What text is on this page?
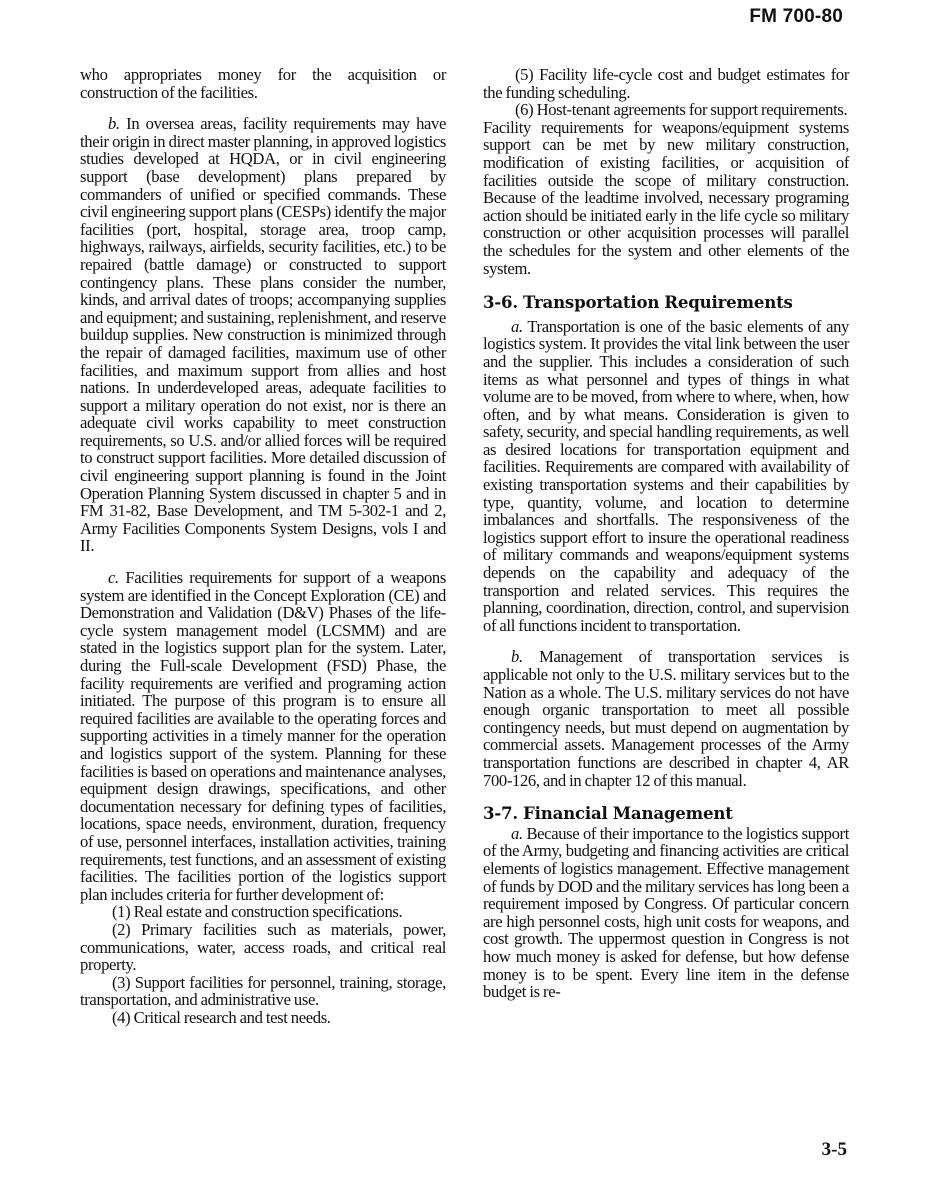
FM 700-80

who appropriates money for the acquisition or construction of the facilities.

b. In oversea areas, facility requirements may have their origin in direct master planning, in approved logistics studies developed at HQDA, or in civil engineering support (base development) plans prepared by commanders of unified or specified commands. These civil engineering support plans (CESPs) identify the major facilities (port, hospital, storage area, troop camp, highways, railways, airfields, security facilities, etc.) to be repaired (battle damage) or constructed to support contingency plans. These plans consider the number, kinds, and arrival dates of troops; accompanying supplies and equipment; and sustaining, replenishment, and reserve buildup supplies. New construction is minimized through the repair of damaged facilities, maximum use of other facilities, and maximum support from allies and host nations. In underdeveloped areas, adequate facilities to support a military operation do not exist, nor is there an adequate civil works capability to meet construction requirements, so U.S. and/or allied forces will be required to construct support facilities. More detailed discussion of civil engineering support planning is found in the Joint Operation Planning System discussed in chapter 5 and in FM 31-82, Base Development, and TM 5-302-1 and 2, Army Facilities Components System Designs, vols I and II.

c. Facilities requirements for support of a weapons system are identified in the Concept Exploration (CE) and Demonstration and Validation (D&V) Phases of the life-cycle system management model (LCSMM) and are stated in the logistics support plan for the system. Later, during the Full-scale Development (FSD) Phase, the facility requirements are verified and programing action initiated. The purpose of this program is to ensure all required facilities are available to the operating forces and supporting activities in a timely manner for the operation and logistics support of the system. Planning for these facilities is based on operations and maintenance analyses, equipment design drawings, specifications, and other documentation necessary for defining types of facilities, locations, space needs, environment, duration, frequency of use, personnel interfaces, installation activities, training requirements, test functions, and an assessment of existing facilities. The facilities portion of the logistics support plan includes criteria for further development of:

(1) Real estate and construction specifications.

(2) Primary facilities such as materials, power, communications, water, access roads, and critical real property.

(3) Support facilities for personnel, training, storage, transportation, and administrative use.

(4) Critical research and test needs.

(5) Facility life-cycle cost and budget estimates for the funding scheduling.

(6) Host-tenant agreements for support requirements.

Facility requirements for weapons/equipment systems support can be met by new military construction, modification of existing facilities, or acquisition of facilities outside the scope of military construction. Because of the leadtime involved, necessary programing action should be initiated early in the life cycle so military construction or other acquisition processes will parallel the schedules for the system and other elements of the system.

3-6. Transportation Requirements

a. Transportation is one of the basic elements of any logistics system. It provides the vital link between the user and the supplier. This includes a consideration of such items as what personnel and types of things in what volume are to be moved, from where to where, when, how often, and by what means. Consideration is given to safety, security, and special handling requirements, as well as desired locations for transportation equipment and facilities. Requirements are compared with availability of existing transportation systems and their capabilities by type, quantity, volume, and location to determine imbalances and shortfalls. The responsiveness of the logistics support effort to insure the operational readiness of military commands and weapons/equipment systems depends on the capability and adequacy of the transportion and related services. This requires the planning, coordination, direction, control, and supervision of all functions incident to transportation.

b. Management of transportation services is applicable not only to the U.S. military services but to the Nation as a whole. The U.S. military services do not have enough organic transportation to meet all possible contingency needs, but must depend on augmentation by commercial assets. Management processes of the Army transportation functions are described in chapter 4, AR 700-126, and in chapter 12 of this manual.

3-7. Financial Management

a. Because of their importance to the logistics support of the Army, budgeting and financing activities are critical elements of logistics management. Effective management of funds by DOD and the military services has long been a requirement imposed by Congress. Of particular concern are high personnel costs, high unit costs for weapons, and cost growth. The uppermost question in Congress is not how much money is asked for defense, but how defense money is to be spent. Every line item in the defense budget is re-

3-5
